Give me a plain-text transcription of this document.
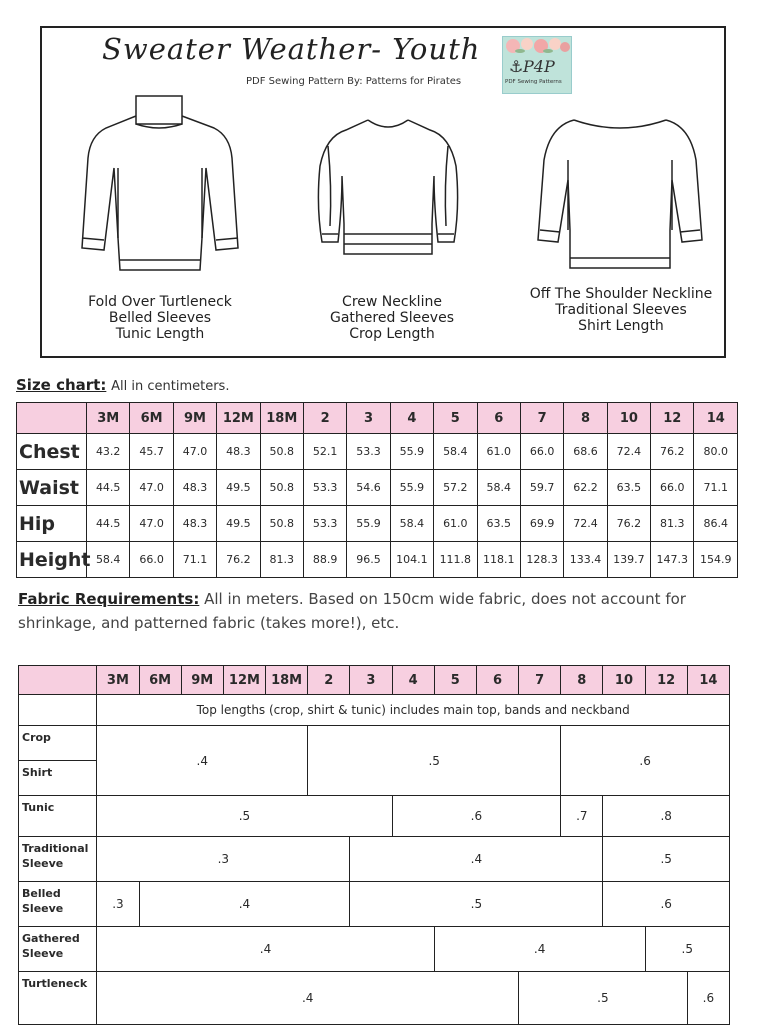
Sweater Weather- Youth
PDF Sewing Pattern By: Patterns for Pirates
⚓ P4P
PDF Sewing Patterns
Fold Over Turtleneck
Belled Sleeves
Tunic Length
Crew Neckline
Gathered Sleeves
Crop Length
Off The Shoulder Neckline
Traditional Sleeves
Shirt Length
Size chart: All in centimeters.
	3M	6M	9M	12M	18M	2	3	4	5	6	7	8	10	12	14
Chest	43.2	45.7	47.0	48.3	50.8	52.1	53.3	55.9	58.4	61.0	66.0	68.6	72.4	76.2	80.0
Waist	44.5	47.0	48.3	49.5	50.8	53.3	54.6	55.9	57.2	58.4	59.7	62.2	63.5	66.0	71.1
Hip	44.5	47.0	48.3	49.5	50.8	53.3	55.9	58.4	61.0	63.5	69.9	72.4	76.2	81.3	86.4
Height	58.4	66.0	71.1	76.2	81.3	88.9	96.5	104.1	111.8	118.1	128.3	133.4	139.7	147.3	154.9
Fabric Requirements: All in meters. Based on 150cm wide fabric, does not account for shrinkage, and patterned fabric (takes more!), etc.
	3M	6M	9M	12M	18M	2	3	4	5	6	7	8	10	12	14
	Top lengths (crop, shirt & tunic) includes main top, bands and neckband														
Crop	.4					.5						.6			
Shirt															
Tunic	.5							.6				.7	.8		
Traditional Sleeve	.3						.4						.5		
Belled Sleeve	.3	.4					.5						.6		
Gathered Sleeve	.4								.4					.5	
Turtleneck	.4										.5				.6
